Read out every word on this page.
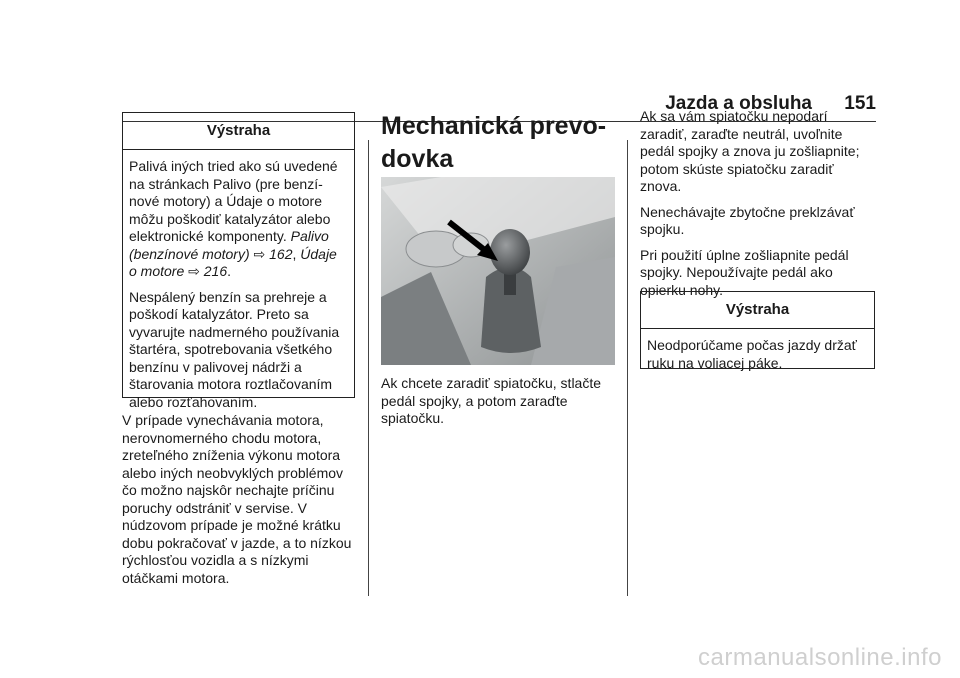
Jazda a obsluha 151
Výstraha

Palivá iných tried ako sú uvedené na stránkach Palivo (pre benzí-nové motory) a Údaje o motore môžu poškodiť katalyzátor alebo elektronické komponenty. Palivo (benzínové motory) ⇨ 162, Údaje o motore ⇨ 216.

Nespálený benzín sa prehreje a poškodí katalyzátor. Preto sa vyvarujte nadmerného používania štartéra, spotrebovania všetkého benzínu v palivovej nádrži a štarovania motora roztlačovaním alebo rozťahovaním.

V prípade vynechávania motora, nerovnomerného chodu motora, zreteľného zníženia výkonu motora alebo iných neobvyklých problémov čo možno najskôr nechajte príčinu poruchy odstrániť v servise. V núdzovom prípade je možné krátku dobu pokračovať v jazde, a to nízkou rýchlosťou vozidla a s nízkymi otáčkami motora.

Mechanická prevo-dovka

Ak chcete zaradiť spiatočku, stlačte pedál spojky, a potom zaraďte spiatočku.

Ak sa vám spiatočku nepodarí zaradiť, zaraďte neutrál, uvoľnite pedál spojky a znova ju zošliapnite; potom skúste spiatočku zaradiť znova.

Nenechávajte zbytočne preklzávať spojku.

Pri použití úplne zošliapnite pedál spojky. Nepoužívajte pedál ako opierku nohy.

Výstraha

Neodporúčame počas jazdy držať ruku na voliacej páke.

carmanualsonline.info
